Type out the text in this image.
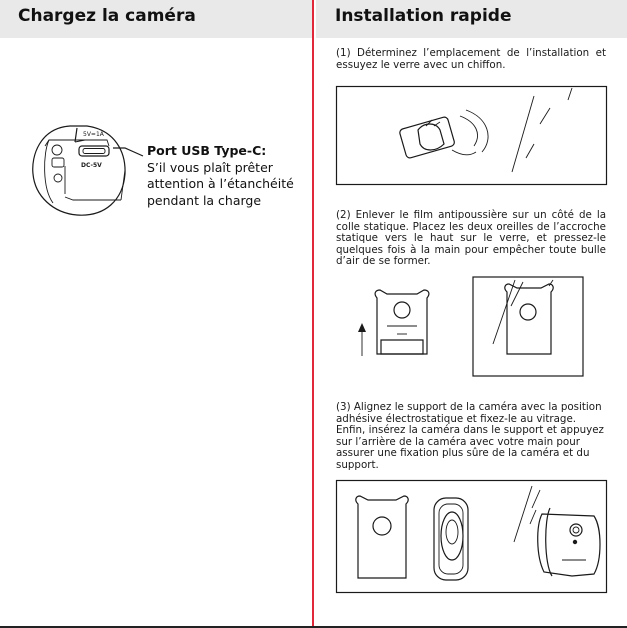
Chargez la caméra	Installation rapide
5V=1A
DC-5V
Port USB Type-C:
S’il vous plaît prêter attention à l’étanchéité pendant la charge
(1) Déterminez l’emplacement de l’installation et essuyez le verre avec un chiffon.
(2) Enlever le film antipoussière sur un côté de la colle statique. Placez les deux oreilles de l’accroche statique vers le haut sur le verre, et pressez-le quelques fois à la main pour empêcher toute bulle d’air de se former.
(3) Alignez le support de la caméra avec la position adhésive électrostatique et fixez-le au vitrage. Enfin, insérez la caméra dans le support et appuyez sur l’arrière de la caméra avec votre main pour assurer une fixation plus sûre de la caméra et du support.
